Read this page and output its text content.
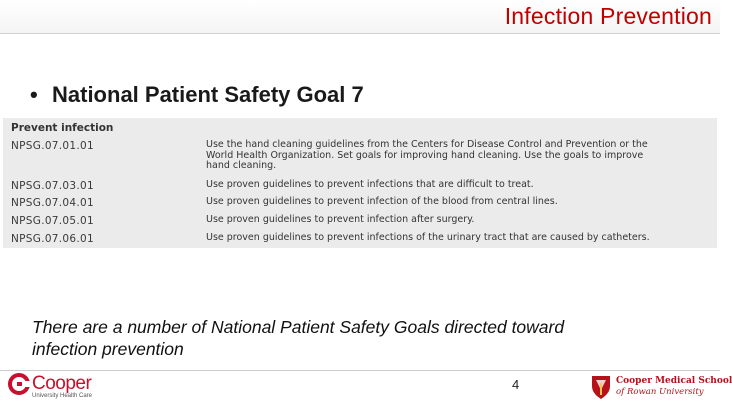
Infection Prevention
• National Patient Safety Goal 7
Prevent infection
NPSG.07.01.01	Use the hand cleaning guidelines from the Centers for Disease Control and Prevention or the
World Health Organization. Set goals for improving hand cleaning. Use the goals to improve
hand cleaning.
NPSG.07.03.01	Use proven guidelines to prevent infections that are difficult to treat.
NPSG.07.04.01	Use proven guidelines to prevent infection of the blood from central lines.
NPSG.07.05.01	Use proven guidelines to prevent infection after surgery.
NPSG.07.06.01	Use proven guidelines to prevent infections of the urinary tract that are caused by catheters.
There are a number of National Patient Safety Goals directed toward
infection prevention
Cooper
University Health Care
4	Cooper Medical School
of Rowan University
